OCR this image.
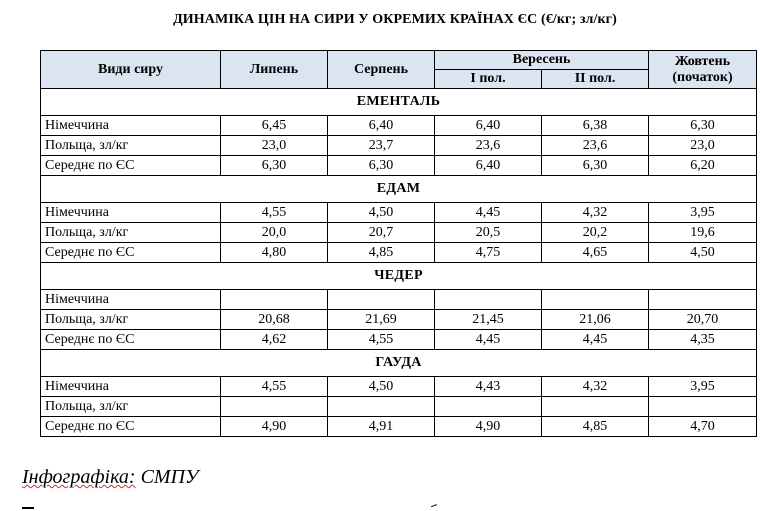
ДИНАМІКА ЦІН НА СИРИ У ОКРЕМИХ КРАЇНАХ ЄС (€/кг; зл/кг)
Види сиру	Липень	Серпень	Вересень		Жовтень
(початок)
			І пол.	ІІ пол.	
ЕМЕНТАЛЬ					
Німеччина	6,45	6,40	6,40	6,38	6,30
Польща, зл/кг	23,0	23,7	23,6	23,6	23,0
Середнє по ЄС	6,30	6,30	6,40	6,30	6,20
ЕДАМ					
Німеччина	4,55	4,50	4,45	4,32	3,95
Польща, зл/кг	20,0	20,7	20,5	20,2	19,6
Середнє по ЄС	4,80	4,85	4,75	4,65	4,50
ЧЕДЕР					
Німеччина					
Польща, зл/кг	20,68	21,69	21,45	21,06	20,70
Середнє по ЄС	4,62	4,55	4,45	4,45	4,35
ГАУДА					
Німеччина	4,55	4,50	4,43	4,32	3,95
Польща, зл/кг					
Середнє по ЄС	4,90	4,91	4,90	4,85	4,70
Інфографіка: СМПУ
